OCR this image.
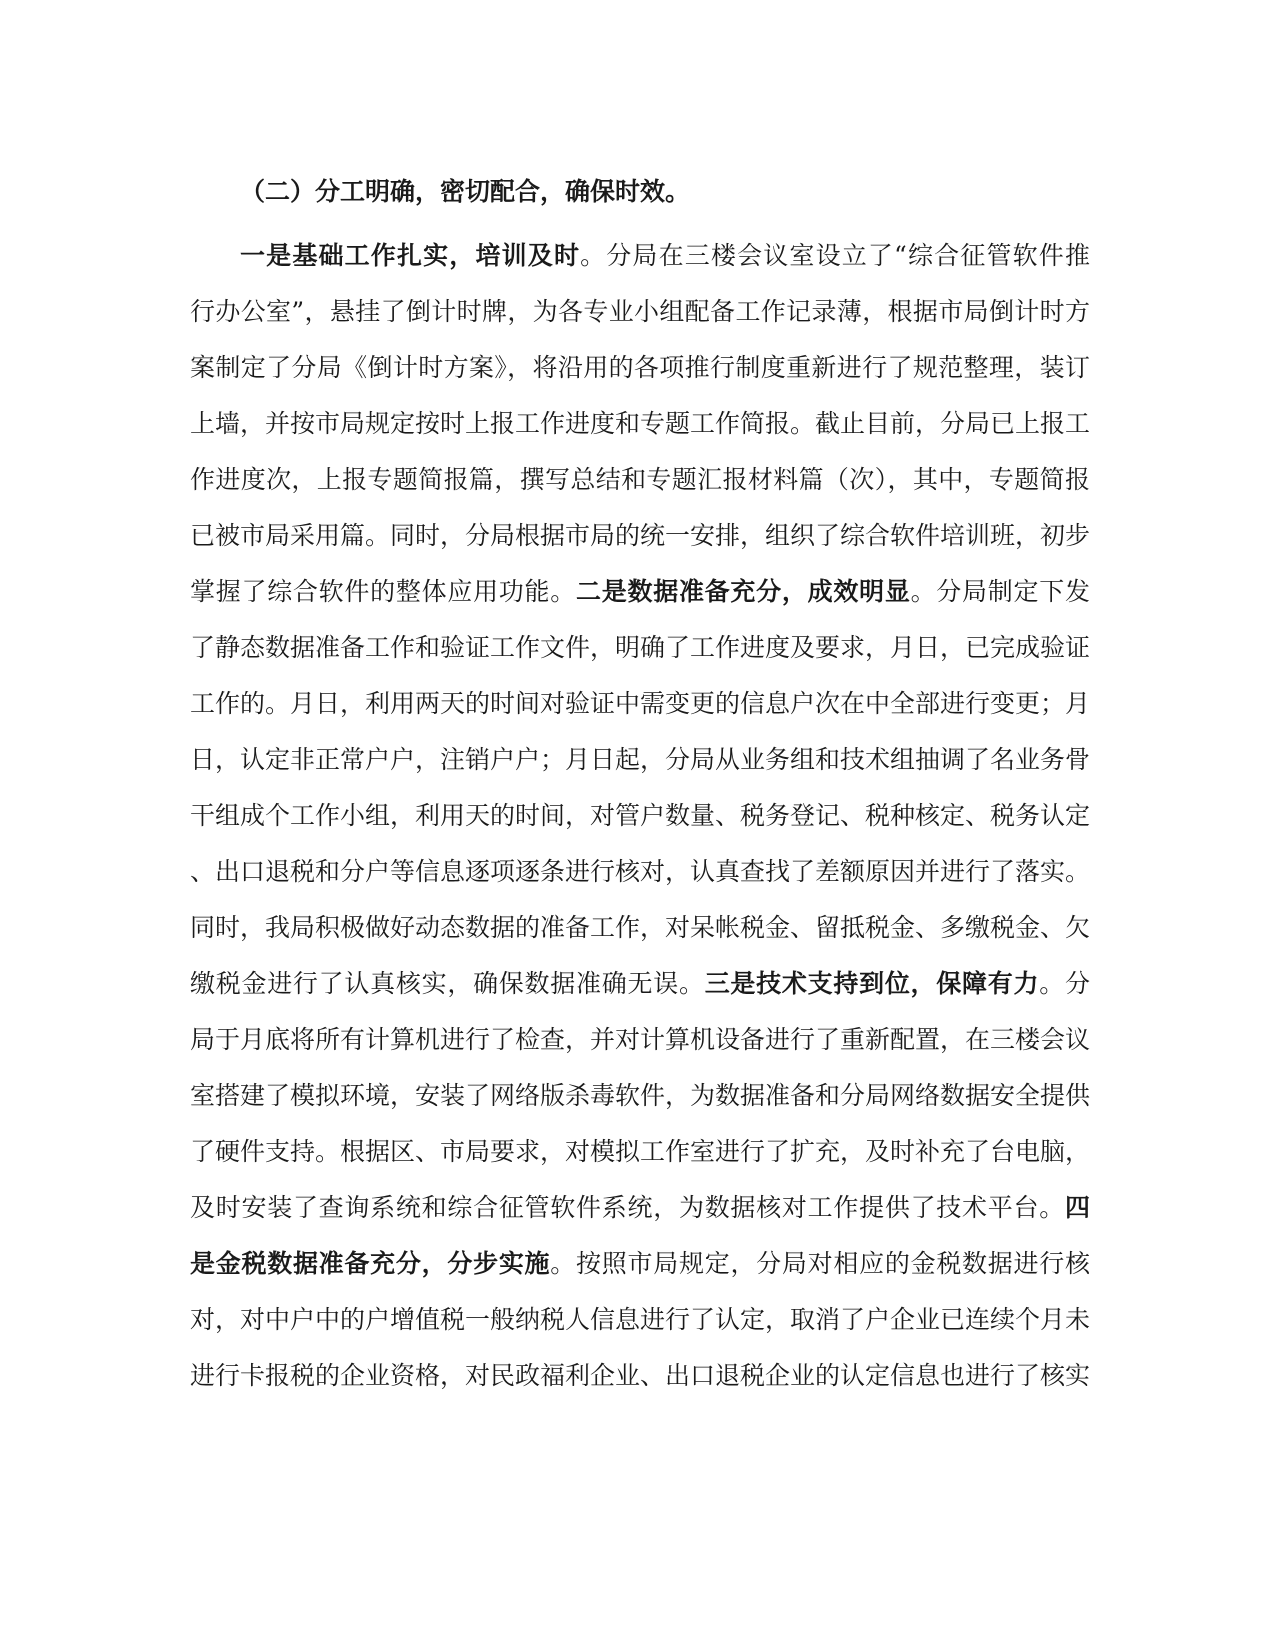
（二）分工明确，密切配合，确保时效。
一是基础工作扎实，培训及时。分局在三楼会议室设立了“综合征管软件推
行办公室”，悬挂了倒计时牌，为各专业小组配备工作记录薄，根据市局倒计时方
案制定了分局《倒计时方案》，将沿用的各项推行制度重新进行了规范整理，装订
上墙，并按市局规定按时上报工作进度和专题工作简报。截止目前，分局已上报工
作进度次，上报专题简报篇，撰写总结和专题汇报材料篇（次），其中，专题简报
已被市局采用篇。同时，分局根据市局的统一安排，组织了综合软件培训班，初步
掌握了综合软件的整体应用功能。二是数据准备充分，成效明显。分局制定下发
了静态数据准备工作和验证工作文件，明确了工作进度及要求，月日，已完成验证
工作的。月日，利用两天的时间对验证中需变更的信息户次在中全部进行变更；月
日，认定非正常户户，注销户户；月日起，分局从业务组和技术组抽调了名业务骨
干组成个工作小组，利用天的时间，对管户数量、税务登记、税种核定、税务认定
、出口退税和分户等信息逐项逐条进行核对，认真查找了差额原因并进行了落实。
同时，我局积极做好动态数据的准备工作，对呆帐税金、留抵税金、多缴税金、欠
缴税金进行了认真核实，确保数据准确无误。三是技术支持到位，保障有力。分
局于月底将所有计算机进行了检查，并对计算机设备进行了重新配置，在三楼会议
室搭建了模拟环境，安装了网络版杀毒软件，为数据准备和分局网络数据安全提供
了硬件支持。根据区、市局要求，对模拟工作室进行了扩充，及时补充了台电脑，
及时安装了查询系统和综合征管软件系统，为数据核对工作提供了技术平台。四
是金税数据准备充分，分步实施。按照市局规定，分局对相应的金税数据进行核
对，对中户中的户增值税一般纳税人信息进行了认定，取消了户企业已连续个月未
进行卡报税的企业资格，对民政福利企业、出口退税企业的认定信息也进行了核实
